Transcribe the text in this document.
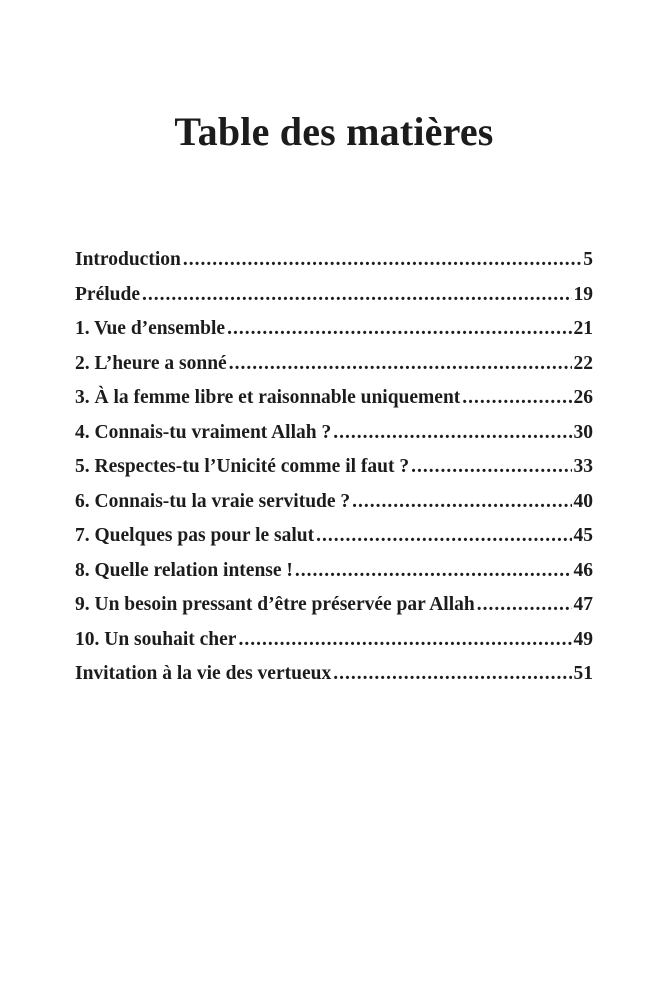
Table des matières
Introduction .....	5
Prélude .....	19
1. Vue d’ensemble .....	21
2. L’heure a sonné .....	22
3. À la femme libre et raisonnable uniquement .....	26
4. Connais-tu vraiment Allah ? .....	30
5. Respectes-tu l’Unicité comme il faut ? .....	33
6. Connais-tu la vraie servitude ? .....	40
7. Quelques pas pour le salut .....	45
8. Quelle relation intense ! .....	46
9. Un besoin pressant d’être préservée par Allah .....	47
10. Un souhait cher .....	49
Invitation à la vie des vertueux .....	51
